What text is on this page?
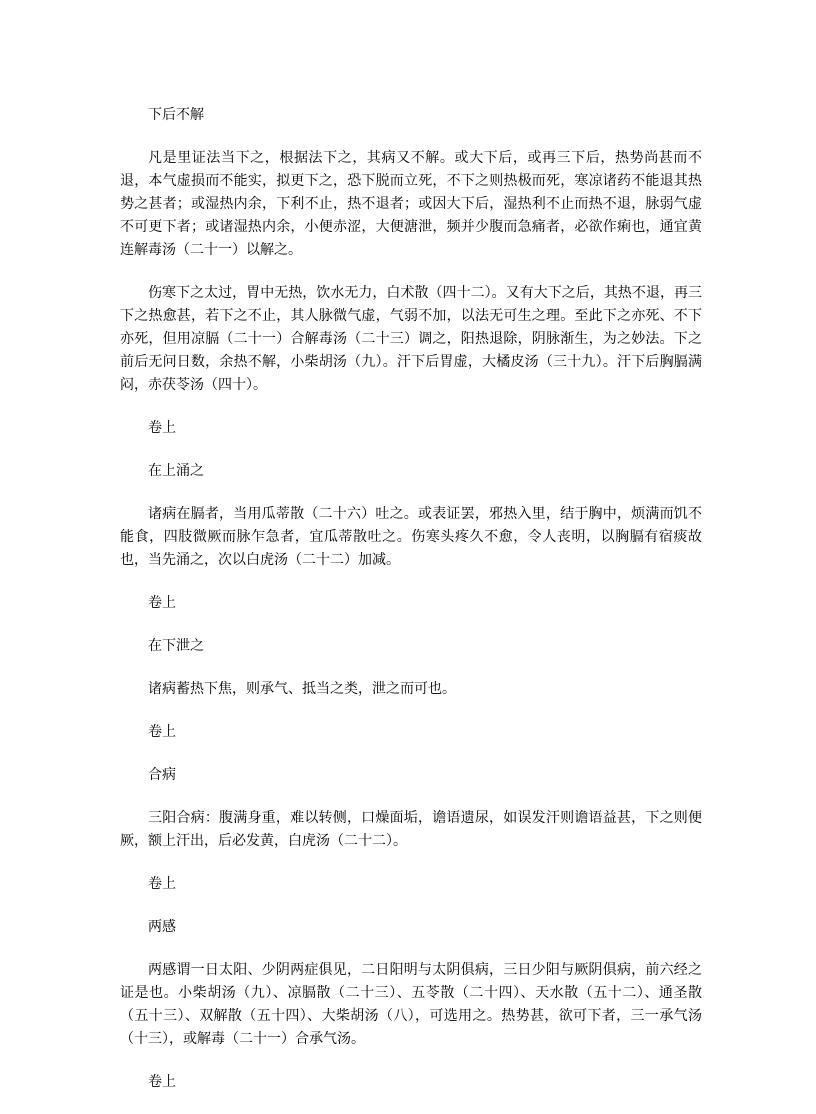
下后不解

凡是里证法当下之，根据法下之，其病又不解。或大下后，或再三下后，热势尚甚而不退，本气虚损而不能实，拟更下之，恐下脱而立死，不下之则热极而死，寒凉诸药不能退其热势之甚者；或湿热内余，下利不止，热不退者；或因大下后，湿热利不止而热不退，脉弱气虚不可更下者；或诸湿热内余，小便赤涩，大便溏泄，频并少腹而急痛者，必欲作痢也，通宜黄连解毒汤（二十一）以解之。

伤寒下之太过，胃中无热，饮水无力，白术散（四十二）。又有大下之后，其热不退，再三下之热愈甚，若下之不止，其人脉微气虚，气弱不加，以法无可生之理。至此下之亦死、不下亦死，但用凉膈（二十一）合解毒汤（二十三）调之，阳热退除，阴脉渐生，为之妙法。下之前后无问日数，余热不解，小柴胡汤（九）。汗下后胃虚，大橘皮汤（三十九）。汗下后胸膈满闷，赤茯苓汤（四十）。

卷上

在上涌之

诸病在膈者，当用瓜蒂散（二十六）吐之。或表证罢，邪热入里，结于胸中，烦满而饥不能食，四肢微厥而脉乍急者，宜瓜蒂散吐之。伤寒头疼久不愈，令人丧明，以胸膈有宿痰故也，当先涌之，次以白虎汤（二十二）加减。

卷上

在下泄之

诸病蓄热下焦，则承气、抵当之类，泄之而可也。

卷上

合病

三阳合病：腹满身重，难以转侧，口燥面垢，谵语遗尿，如误发汗则谵语益甚，下之则便厥，额上汗出，后必发黄，白虎汤（二十二）。

卷上

两感

两感谓一日太阳、少阴两症俱见，二日阳明与太阴俱病，三日少阳与厥阴俱病，前六经之证是也。小柴胡汤（九）、凉膈散（二十三）、五苓散（二十四）、天水散（五十二）、通圣散（五十三）、双解散（五十四）、大柴胡汤（八），可选用之。热势甚，欲可下者，三一承气汤（十三），或解毒（二十一）合承气汤。

卷上
